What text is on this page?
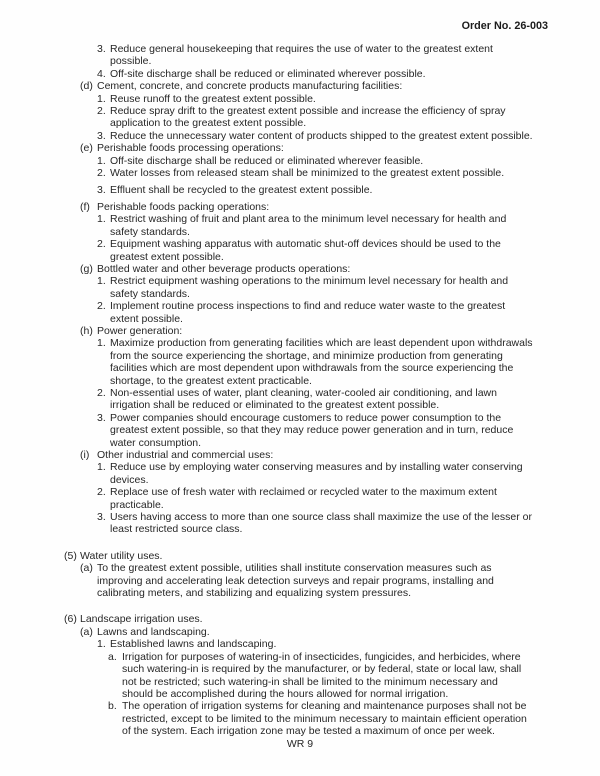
Order No. 26-003
3. Reduce general housekeeping that requires the use of water to the greatest extent
possible.
4. Off-site discharge shall be reduced or eliminated wherever possible.
(d) Cement, concrete, and concrete products manufacturing facilities:
1. Reuse runoff to the greatest extent possible.
2. Reduce spray drift to the greatest extent possible and increase the efficiency of spray
application to the greatest extent possible.
3. Reduce the unnecessary water content of products shipped to the greatest extent possible.
(e) Perishable foods processing operations:
1. Off-site discharge shall be reduced or eliminated wherever feasible.
2. Water losses from released steam shall be minimized to the greatest extent possible.
3. Effluent shall be recycled to the greatest extent possible.
(f) Perishable foods packing operations:
1. Restrict washing of fruit and plant area to the minimum level necessary for health and
safety standards.
2. Equipment washing apparatus with automatic shut-off devices should be used to the
greatest extent possible.
(g) Bottled water and other beverage products operations:
1. Restrict equipment washing operations to the minimum level necessary for health and
safety standards.
2. Implement routine process inspections to find and reduce water waste to the greatest
extent possible.
(h) Power generation:
1. Maximize production from generating facilities which are least dependent upon withdrawals
from the source experiencing the shortage, and minimize production from generating
facilities which are most dependent upon withdrawals from the source experiencing the
shortage, to the greatest extent practicable.
2. Non-essential uses of water, plant cleaning, water-cooled air conditioning, and lawn
irrigation shall be reduced or eliminated to the greatest extent possible.
3. Power companies should encourage customers to reduce power consumption to the
greatest extent possible, so that they may reduce power generation and in turn, reduce
water consumption.
(i) Other industrial and commercial uses:
1. Reduce use by employing water conserving measures and by installing water conserving
devices.
2. Replace use of fresh water with reclaimed or recycled water to the maximum extent
practicable.
3. Users having access to more than one source class shall maximize the use of the lesser or
least restricted source class.
(5) Water utility uses.
(a) To the greatest extent possible, utilities shall institute conservation measures such as
improving and accelerating leak detection surveys and repair programs, installing and
calibrating meters, and stabilizing and equalizing system pressures.
(6) Landscape irrigation uses.
(a) Lawns and landscaping.
1. Established lawns and landscaping.
a. Irrigation for purposes of watering-in of insecticides, fungicides, and herbicides, where
such watering-in is required by the manufacturer, or by federal, state or local law, shall
not be restricted; such watering-in shall be limited to the minimum necessary and
should be accomplished during the hours allowed for normal irrigation.
b. The operation of irrigation systems for cleaning and maintenance purposes shall not be
restricted, except to be limited to the minimum necessary to maintain efficient operation
of the system. Each irrigation zone may be tested a maximum of once per week.
WR 9
